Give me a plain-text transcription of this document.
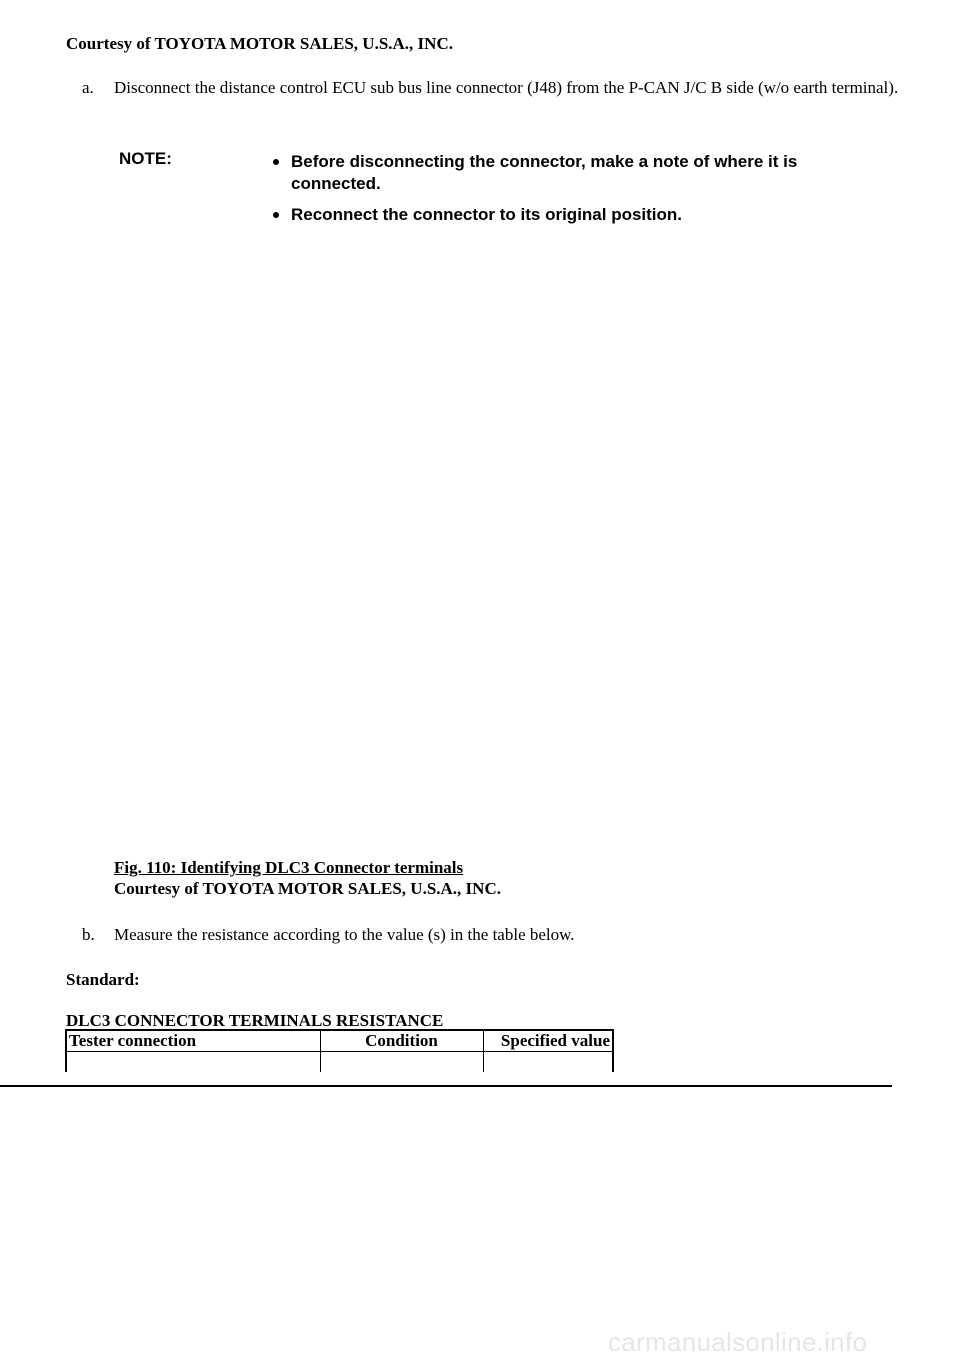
Courtesy of TOYOTA MOTOR SALES, U.S.A., INC.
a. Disconnect the distance control ECU sub bus line connector (J48) from the P-CAN J/C B side (w/o earth terminal).
NOTE:	Before disconnecting the connector, make a note of where it is connected.
Reconnect the connector to its original position.
Fig. 110: Identifying DLC3 Connector terminals
Courtesy of TOYOTA MOTOR SALES, U.S.A., INC.
b. Measure the resistance according to the value (s) in the table below.
Standard:
DLC3 CONNECTOR TERMINALS RESISTANCE
Tester connection	Condition	Specified value

carmanualsonline.info
